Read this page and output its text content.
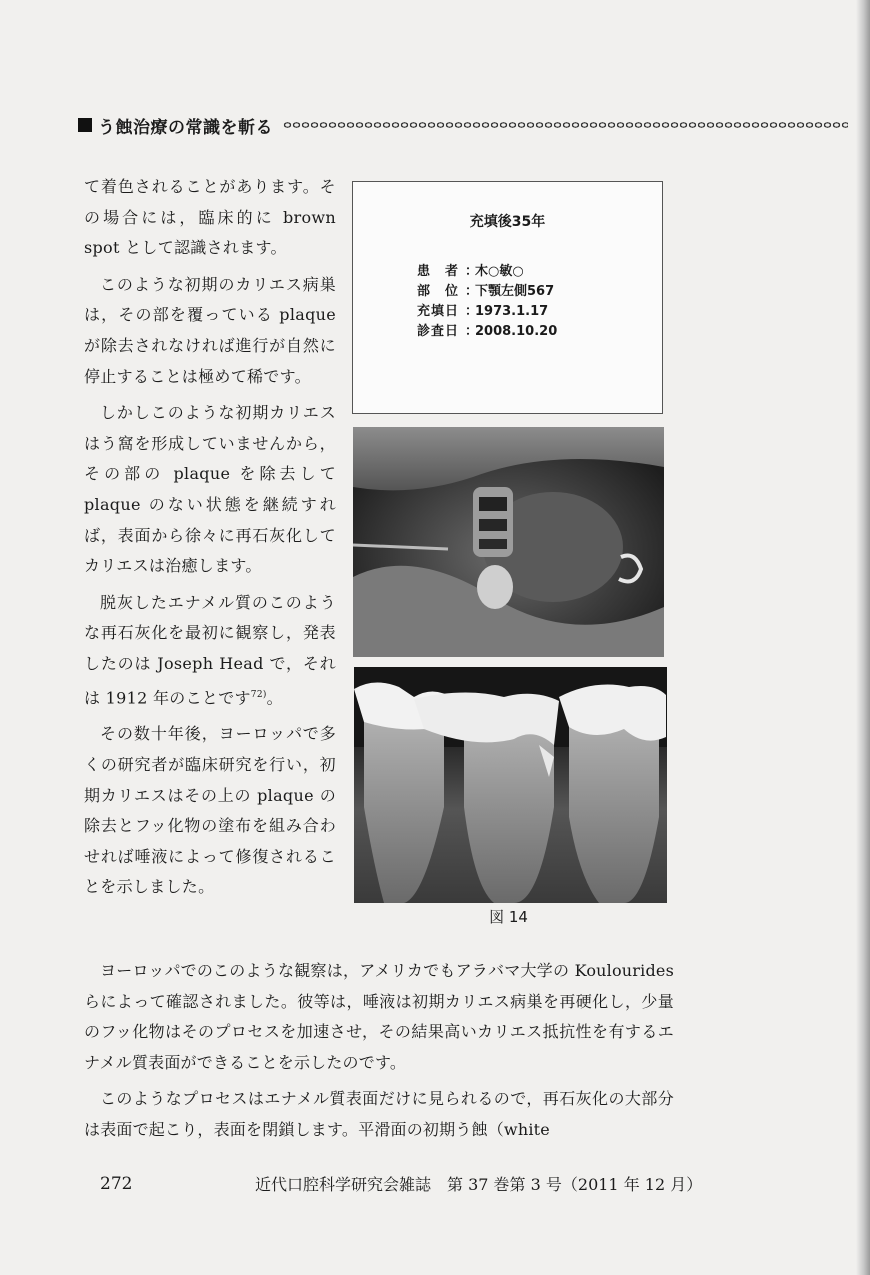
う蝕治療の常識を斬る

て着色されることがあります。その場合には，臨床的に brown spot として認識されます。

このような初期のカリエス病巣は，その部を覆っている plaque が除去されなければ進行が自然に停止することは極めて稀です。

しかしこのような初期カリエスはう窩を形成していませんから，その部の plaque を除去して plaque のない状態を継続すれば，表面から徐々に再石灰化してカリエスは治癒します。

脱灰したエナメル質のこのような再石灰化を最初に観察し，発表したのは Joseph Head で，それは 1912 年のことです$^{72)}$。

その数十年後，ヨーロッパで多くの研究者が臨床研究を行い，初期カリエスはその上の plaque の除去とフッ化物の塗布を組み合わせれば唾液によって修復されることを示しました。

充填後35年
患　者 ：
木○敏○
部　位 ：
下顎左側567
充填日 ：
1973.1.17
診査日 ：
2008.10.20
図 14

ヨーロッパでのこのような観察は，アメリカでもアラバマ大学の Koulourides らによって確認されました。彼等は，唾液は初期カリエス病巣を再硬化し，少量のフッ化物はそのプロセスを加速させ，その結果高いカリエス抵抗性を有するエナメル質表面ができることを示したのです。

このようなプロセスはエナメル質表面だけに見られるので，再石灰化の大部分は表面で起こり，表面を閉鎖します。平滑面の初期う蝕（white

272	近代口腔科学研究会雑誌　第 37 巻第 3 号（2011 年 12 月）
